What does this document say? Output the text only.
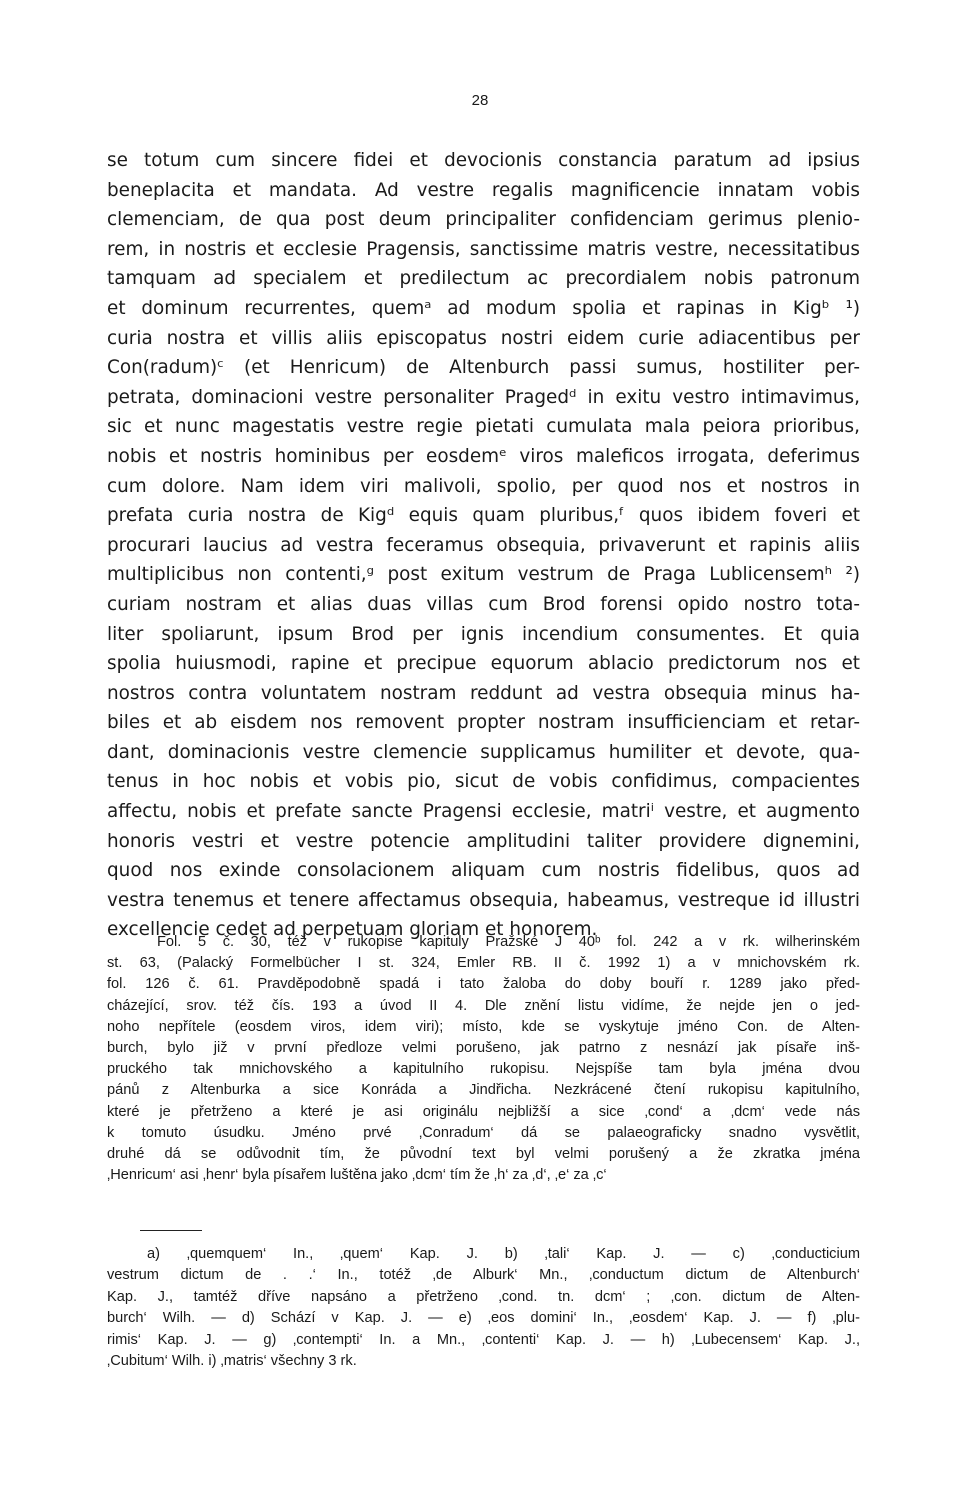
28
se totum cum sincere fidei et devocionis constancia paratum ad ipsius
beneplacita et mandata. Ad vestre regalis magnificencie innatam vobis
clemenciam, de qua post deum principaliter confidenciam gerimus plenio-
rem, in nostris et ecclesie Pragensis, sanctissime matris vestre, necessitatibus
tamquam ad specialem et predilectum ac precordialem nobis patronum
et dominum recurrentes, quemᵃ ad modum spolia et rapinas in Kigᵇ ¹)
curia nostra et villis aliis episcopatus nostri eidem curie adiacentibus per
Con(radum)ᶜ (et Henricum) de Altenburch passi sumus, hostiliter per-
petrata, dominacioni vestre personaliter Pragedᵈ in exitu vestro intimavimus,
sic et nunc magestatis vestre regie pietati cumulata mala peiora prioribus,
nobis et nostris hominibus per eosdemᵉ viros maleficos irrogata, deferimus
cum dolore. Nam idem viri malivoli, spolio, per quod nos et nostros in
prefata curia nostra de Kigᵈ equis quam pluribus,ᶠ quos ibidem foveri et
procurari laucius ad vestra feceramus obsequia, privaverunt et rapinis aliis
multiplicibus non contenti,ᵍ post exitum vestrum de Praga Lublicensemʰ ²)
curiam nostram et alias duas villas cum Brod forensi opido nostro tota-
liter spoliarunt, ipsum Brod per ignis incendium consumentes. Et quia
spolia huiusmodi, rapine et precipue equorum ablacio predictorum nos et
nostros contra voluntatem nostram reddunt ad vestra obsequia minus ha-
biles et ab eisdem nos removent propter nostram insufficienciam et retar-
dant, dominacionis vestre clemencie supplicamus humiliter et devote, qua-
tenus in hoc nobis et vobis pio, sicut de vobis confidimus, compacientes
affectu, nobis et prefate sancte Pragensi ecclesie, matriⁱ vestre, et augmento
honoris vestri et vestre potencie amplitudini taliter providere dignemini,
quod nos exinde consolacionem aliquam cum nostris fidelibus, quos ad
vestra tenemus et tenere affectamus obsequia, habeamus, vestreque id illustri
excellencie cedet ad perpetuam gloriam et honorem.
Fol. 5 č. 30, též v rukopise kapituly Pražské J 40ᵇ fol. 242 a v rk. wilherinském
st. 63, (Palacký Formelbücher I st. 324, Emler RB. II č. 1992 1) a v mnichovském rk.
fol. 126 č. 61. Pravděpodobně spadá i tato žaloba do doby bouří r. 1289 jako před-
cházející, srov. též čís. 193 a úvod II 4. Dle znění listu vidíme, že nejde jen o jed-
noho nepřítele (eosdem viros, idem viri); místo, kde se vyskytuje jméno Con. de Alten-
burch, bylo již v první předloze velmi porušeno, jak patrno z nesnází jak písaře inš-
pruckého tak mnichovského a kapitulního rukopisu. Nejspíše tam byla jména dvou
pánů z Altenburka a sice Konráda a Jindřicha. Nezkrácené čtení rukopisu kapitulního,
které je přetrženo a které je asi originálu nejbližší a sice ‚cond‘ a ‚dcm‘ vede nás
k tomuto úsudku. Jméno prvé ‚Conradum‘ dá se palaeograficky snadno vysvětlit,
druhé dá se odůvodnit tím, že původní text byl velmi porušený a že zkratka jména
‚Henricum‘ asi ‚henr‘ byla písařem luštěna jako ‚dcm‘ tím že ‚h‘ za ‚d‘, ‚e‘ za ‚c‘
a) ‚quemquem‘ In., ‚quem‘ Kap. J. b) ‚tali‘ Kap. J. — c) ‚conducticium
vestrum dictum de . .‘ In., totéž ‚de Alburk‘ Mn., ‚conductum dictum de Altenburch‘
Kap. J., tamtéž dříve napsáno a přetrženo ‚cond. tn. dcm‘ ; ‚con. dictum de Alten-
burch‘ Wilh. — d) Schází v Kap. J. — e) ‚eos domini‘ In., ‚eosdem‘ Kap. J. — f) ‚plu-
rimis‘ Kap. J. — g) ‚contempti‘ In. a Mn., ‚contenti‘ Kap. J. — h) ‚Lubecensem‘ Kap. J.,
‚Cubitum‘ Wilh. i) ‚matris‘ všechny 3 rk.
